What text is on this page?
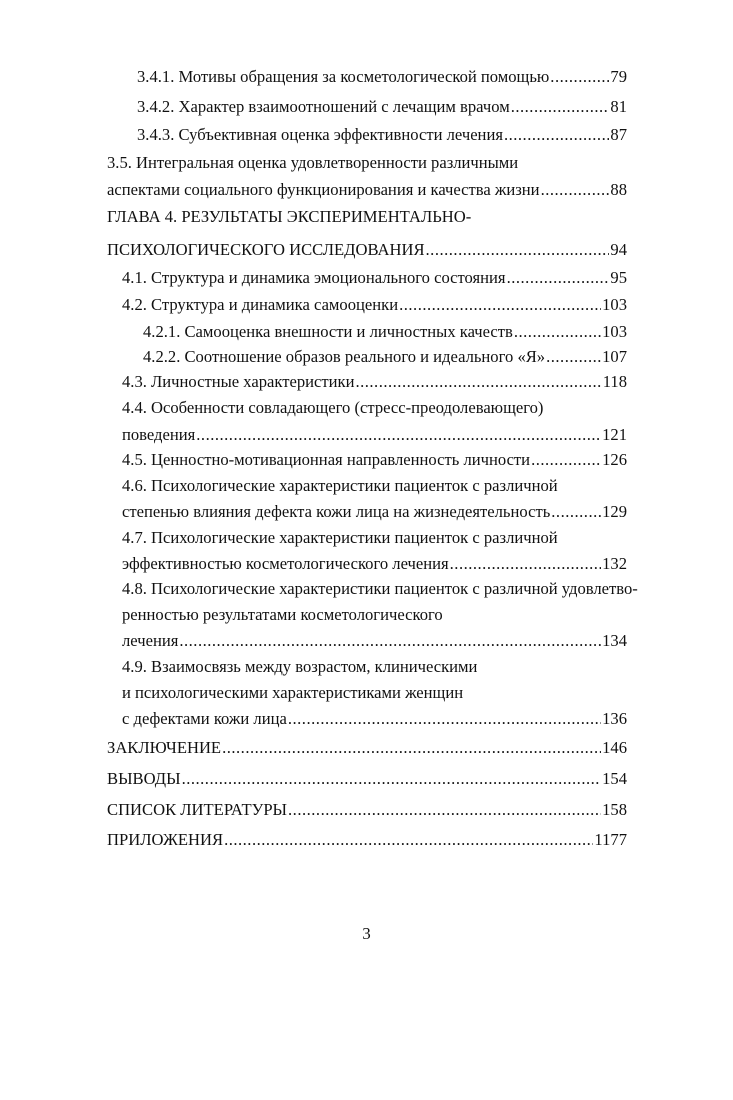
3.4.1. Мотивы обращения за косметологической помощью .....	79
3.4.2. Характер взаимоотношений с лечащим врачом .....	81
3.4.3. Субъективная оценка эффективности лечения .....	87
3.5. Интегральная оценка удовлетворенности различными
аспектами социального функционирования и качества жизни .....	88
ГЛАВА 4. РЕЗУЛЬТАТЫ ЭКСПЕРИМЕНТАЛЬНО-
ПСИХОЛОГИЧЕСКОГО ИССЛЕДОВАНИЯ .....	94
4.1. Структура и динамика эмоционального состояния .....	95
4.2. Структура и динамика самооценки .....	103
4.2.1. Самооценка внешности и личностных качеств .....	103
4.2.2. Соотношение образов реального и идеального «Я» .....	107
4.3. Личностные характеристики .....	118
4.4. Особенности совладающего (стресс-преодолевающего)
поведения .....	121
4.5. Ценностно-мотивационная направленность личности .....	126
4.6. Психологические характеристики пациенток с различной
степенью влияния дефекта кожи лица на жизнедеятельность .....	129
4.7. Психологические характеристики пациенток с различной
эффективностью косметологического лечения .....	132
4.8. Психологические характеристики пациенток с различной удовлетво-
ренностью результатами косметологического
лечения .....	134
4.9. Взаимосвязь между возрастом, клиническими
и психологическими характеристиками женщин
с дефектами кожи лица .....	136
ЗАКЛЮЧЕНИЕ .....	146
ВЫВОДЫ .....	154
СПИСОК ЛИТЕРАТУРЫ .....	158
ПРИЛОЖЕНИЯ .....	1177
3
